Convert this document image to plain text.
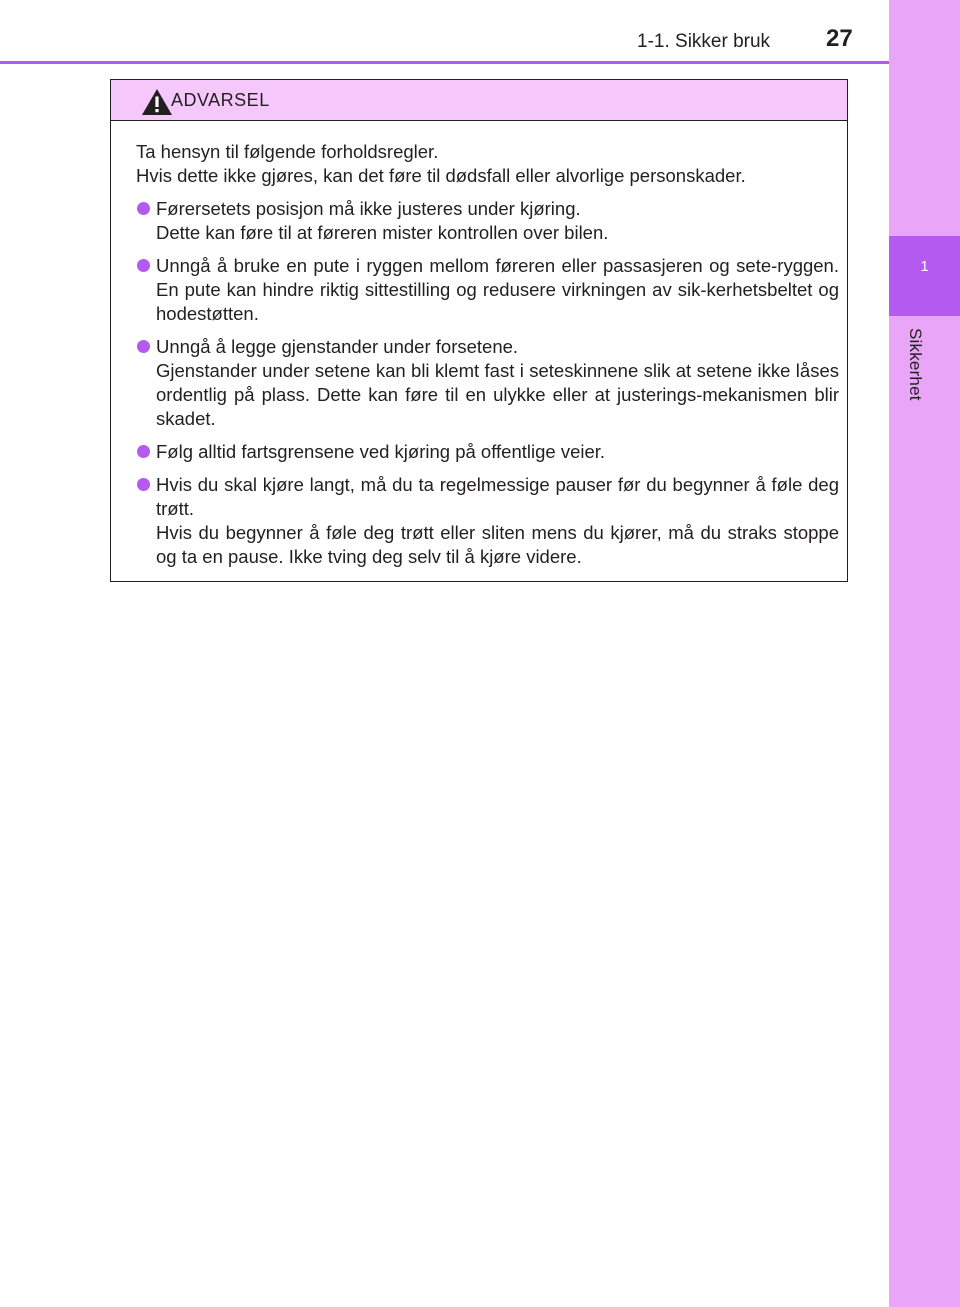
1
Sikkerhet
1-1. Sikker bruk 27
ADVARSEL
Ta hensyn til følgende forholdsregler.
Hvis dette ikke gjøres, kan det føre til dødsfall eller alvorlige personskader.
Førersetets posisjon må ikke justeres under kjøring.
Dette kan føre til at føreren mister kontrollen over bilen.
Unngå å bruke en pute i ryggen mellom føreren eller passasjeren og sete-ryggen. En pute kan hindre riktig sittestilling og redusere virkningen av sik-kerhetsbeltet og hodestøtten.
Unngå å legge gjenstander under forsetene.
Gjenstander under setene kan bli klemt fast i seteskinnene slik at setene ikke låses ordentlig på plass. Dette kan føre til en ulykke eller at justerings-mekanismen blir skadet.
Følg alltid fartsgrensene ved kjøring på offentlige veier.
Hvis du skal kjøre langt, må du ta regelmessige pauser før du begynner å føle deg trøtt.
Hvis du begynner å føle deg trøtt eller sliten mens du kjører, må du straks stoppe og ta en pause. Ikke tving deg selv til å kjøre videre.
